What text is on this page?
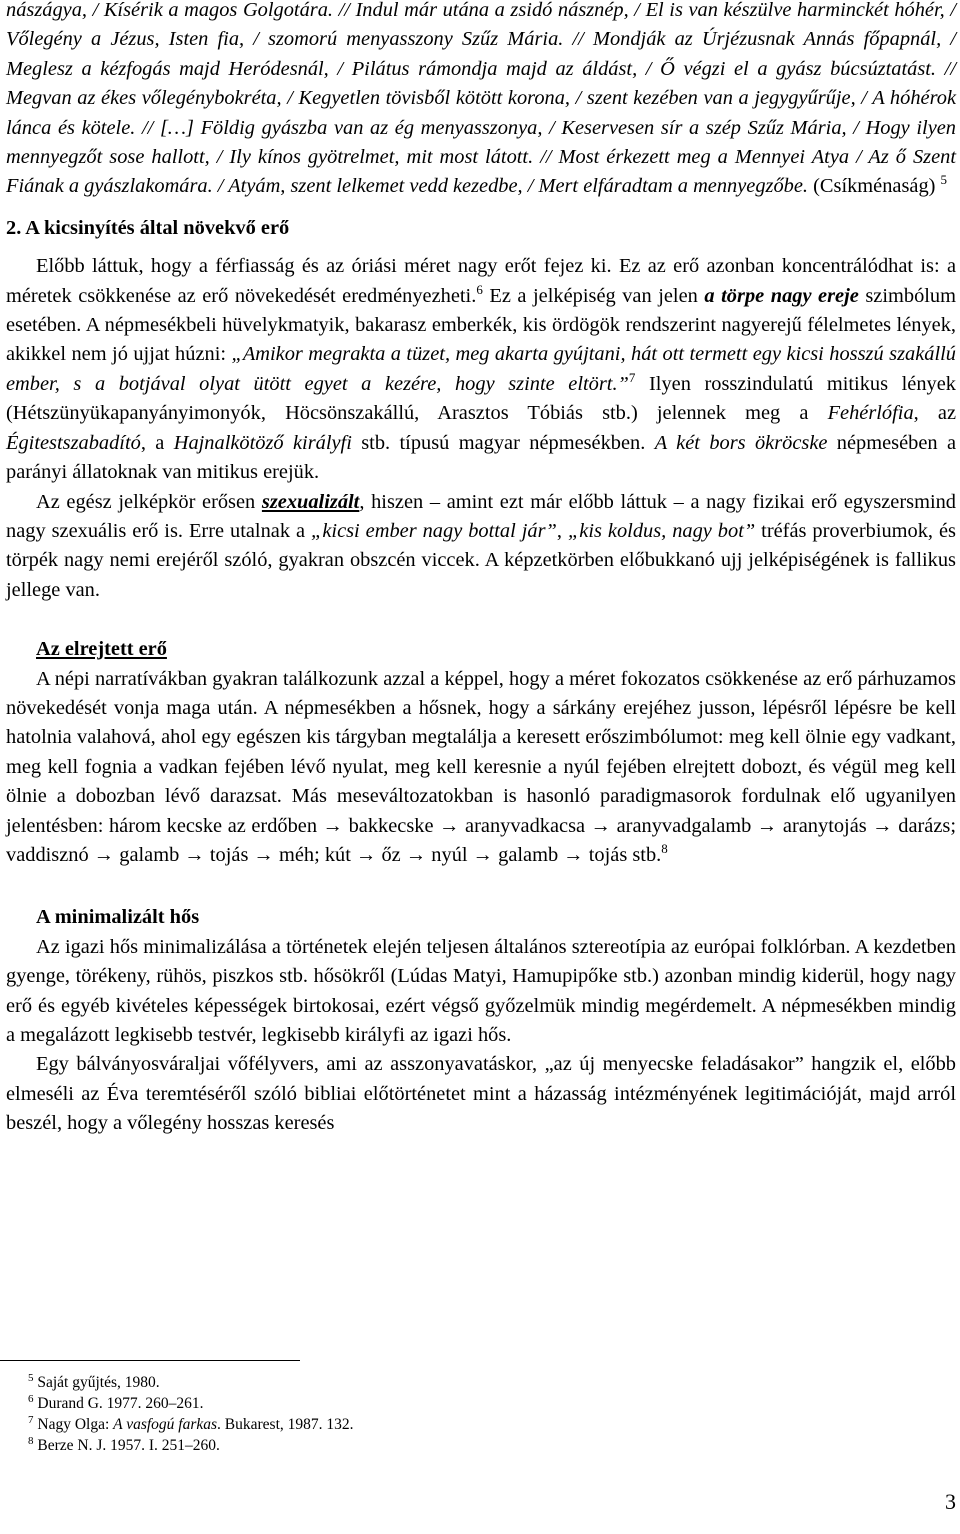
nászágya, / Kísérik a magos Golgotára. // Indul már utána a zsidó násznép, / El is van készülve harminckét hóhér, / Vőlegény a Jézus, Isten fia, / szomorú menyasszony Szűz Mária. // Mondják az Úrjézusnak Annás főpapnál, / Meglesz a kézfogás majd Heródesnál, / Pilátus rámondja majd az áldást, / Ő végzi el a gyász búcsúztatást. // Megvan az ékes vőlegénybokréta, / Kegyetlen tövisből kötött korona, / szent kezében van a jegygyűrűje, / A hóhérok lánca és kötele. // […] Földig gyászba van az ég menyasszonya, / Keservesen sír a szép Szűz Mária, / Hogy ilyen mennyegzőt sose hallott, / Ily kínos gyötrelmet, mit most látott. // Most érkezett meg a Mennyei Atya / Az ő Szent Fiának a gyászlakomára. / Atyám, szent lelkemet vedd kezedbe, / Mert elfáradtam a mennyegzőbe. (Csíkménaság) $^5$

2. A kicsinyítés által növekvő erő

Előbb láttuk, hogy a férfiasság és az óriási méret nagy erőt fejez ki. Ez az erő azonban koncentrálódhat is: a méretek csökkenése az erő növekedését eredményezheti.$^6$ Ez a jelképiség van jelen a törpe nagy ereje szimbólum esetében. A népmesékbeli hüvelykmatyik, bakarasz emberkék, kis ördögök rendszerint nagyerejű félelmetes lények, akikkel nem jó ujjat húzni: „Amikor megrakta a tüzet, meg akarta gyújtani, hát ott termett egy kicsi hosszú szakállú ember, s a botjával olyat ütött egyet a kezére, hogy szinte eltört.”$^7$ Ilyen rosszindulatú mitikus lények (Hétszünyükapanyányimonyók, Höcsönszakállú, Arasztos Tóbiás stb.) jelennek meg a Fehérlófia, az Égitestszabadító, a Hajnalkötöző királyfi stb. típusú magyar népmesékben. A két bors ökröcske népmesében a parányi állatoknak van mitikus erejük.

Az egész jelképkör erősen szexualizált, hiszen – amint ezt már előbb láttuk – a nagy fizikai erő egyszersmind nagy szexuális erő is. Erre utalnak a „kicsi ember nagy bottal jár”, „kis koldus, nagy bot” tréfás proverbiumok, és törpék nagy nemi erejéről szóló, gyakran obszcén viccek. A képzetkörben előbukkanó ujj jelképiségének is fallikus jellege van.

Az elrejtett erő

A népi narratívákban gyakran találkozunk azzal a képpel, hogy a méret fokozatos csökkenése az erő párhuzamos növekedését vonja maga után. A népmesékben a hősnek, hogy a sárkány erejéhez jusson, lépésről lépésre be kell hatolnia valahová, ahol egy egészen kis tárgyban megtalálja a keresett erőszimbólumot: meg kell ölnie egy vadkant, meg kell fognia a vadkan fejében lévő nyulat, meg kell keresnie a nyúl fejében elrejtett dobozt, és végül meg kell ölnie a dobozban lévő darazsat. Más meseváltozatokban is hasonló paradigmasorok fordulnak elő ugyanilyen jelentésben: három kecske az erdőben → bakkecske → aranyvadkacsa → aranyvadgalamb → aranytojás → darázs; vaddisznó → galamb → tojás → méh; kút → őz → nyúl → galamb → tojás stb.$^8$

A minimalizált hős

Az igazi hős minimalizálása a történetek elején teljesen általános sztereotípia az európai folklórban. A kezdetben gyenge, törékeny, rühös, piszkos stb. hősökről (Lúdas Matyi, Hamupipőke stb.) azonban mindig kiderül, hogy nagy erő és egyéb kivételes képességek birtokosai, ezért végső győzelmük mindig megérdemelt. A népmesékben mindig a megalázott legkisebb testvér, legkisebb királyfi az igazi hős.

Egy bálványosváraljai vőfélyvers, ami az asszonyavatáskor, „az új menyecske feladásakor” hangzik el, előbb elmeséli az Éva teremtéséről szóló bibliai előtörténetet mint a házasság intézményének legitimációját, majd arról beszél, hogy a vőlegény hosszas keresés

$^5$ Saját gyűjtés, 1980.
$^6$ Durand G. 1977. 260–261.
$^7$ Nagy Olga: A vasfogú farkas. Bukarest, 1987. 132.
$^8$ Berze N. J. 1957. I. 251–260.
3
